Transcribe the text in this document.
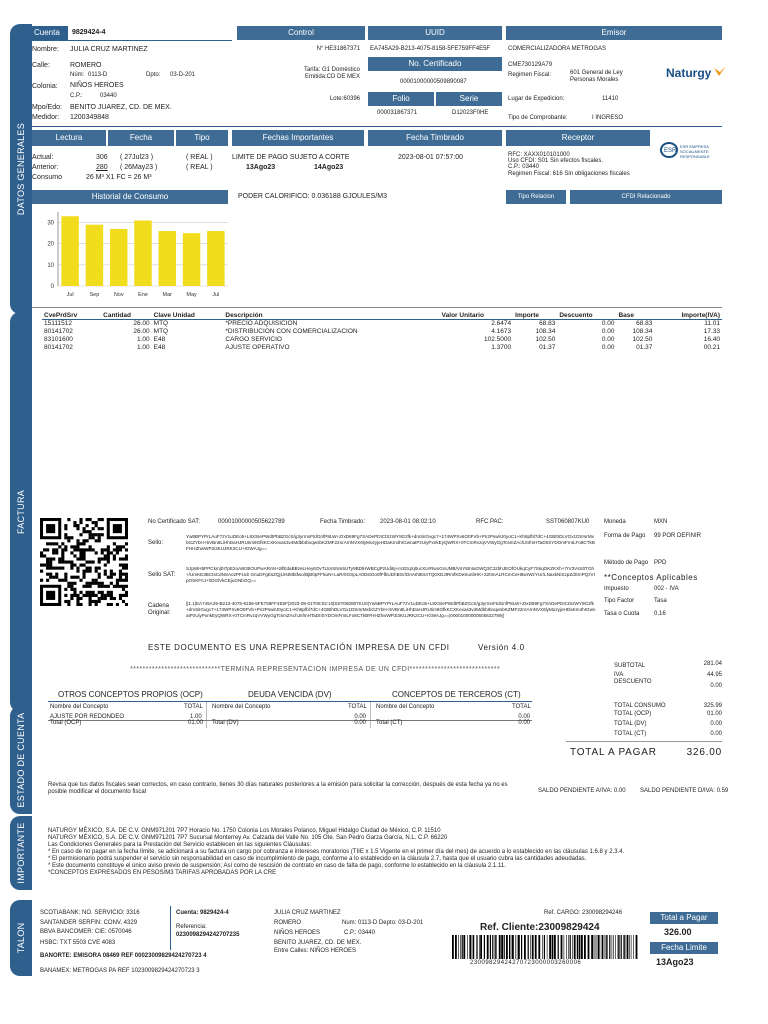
DATOS GENERALES
FACTURA
ESTADO DE CUENTA
IMPORTANTE
TALON
Cuenta	9829424-4	Control	UUID	Emisor
Nombre: JULIA CRUZ MARTINEZ
Calle:	ROMERO
Núm: 0113-D	Dpto: 03-D-201
Colonia: NIÑOS HEROES
C.P.:	03440
Mpo/Edo: BENITO JUAREZ, CD. DE MEX.
Medidor: 1200349848
N° HE31867371
Tarifa: G1 Doméstico
Emitida:CD DE MEX
Lote:60396
EA745A29-B213-4075-8158-5FE759FF4E5F
No. Certificado
00001000000509890087
Folio	Serie
000031867371	D12023F0HE
COMERCIALIZADORA METROGAS
CME730129A79
Regimen Fiscal:	601 General de Ley Personas Morales
Lugar de Expedicion:	11410
Tipo de Comprobante:	I INGRESO
Naturgy
Lectura	Fecha	Tipo	Fechas Importantes	Fecha Timbrado	Receptor
Actual:	306 ( 27Jul23 )	( REAL )
Anterior:	280 ( 26May23 )	( REAL )
Consumo	26 M³ X1 FC = 26 M³
LIMITE DE PAGO SUJETO A CORTE
13Ago23	14Ago23
2023-08-01 07:57:00	RFC: XAXX010101000
Uso CFDI: S01 Sin efectos fiscales.
C.P.: 03440
Regimen Fiscal: 616 Sin obligaciones fiscales
ESR
ESR EMPRESA SOCIALMENTE RESPONSABLE
Historial de Consumo	PODER CALORIFICO: 0.036188 GJOULES/M3	Tipo Relacion	CFDI Relacionado
0
10
20
30
Jul	Sep	Nov	Ene	Mar	May	Jul
CvePrdSrv	Cantidad	Clave Unidad	Descripción	Valor Unitario	Importe	Descuento	Base	Importe(IVA)
15111512	26.00	MTQ	*PRECIO ADQUISICION	2.6474	68.83	0.00	68.83	11.01
80141702	26.00	MTQ	*DISTRIBUCION CON COMERCIALIZACION	4.1673	108.34	0.00	108.34	17.33
83101600	1.00	E48	CARGO SERVICIO	102.5000	102.50	0.00	102.50	16.40
80141702	1.00	E48	AJUSTE OPERATIVO	1.3700	01.37	0.00	01.37	00.21
No Certificado SAT:	00001000000505622789	Fecha Timbrado: 2023-08-01 08:02:10	RFC PAC:	SST060807KU0
Sello:
Yw5BPYPrLAuF7zV1uDEo5+L8XSIePWdtPbBZGcS/g3yrmnFtdGnfP8LW+ZrxD69Fg7SADePDICtSzWY9Gzfk+dmSiIGvgc7+174WPXv6O0FVb+Pn2PswlrJ0yoC1+Kh8pfbl7dC+4GBIhDLVGx1DSrsrMxbGZYbH+5VBn8LiHhDaHJRUIim9GfkKCXKexas3v4MdbbIbnqwsbKZMF22nrArnNVX6lyMozyjeHDaKm4hIGwnaIPzUiyPxnkEyQWRX+0TCmRvzqVVWyGgTcsmZAchJnfmHTaDIISYDOmFmILFo8CTkBFHHZhwWP2i3KUJRK2CU+IGWAJg==
Sello SAT:
SJpWH5PPCkm|0I7pE2oAW35OUPwARnN+2ifEdaBBzeLHey6OvTL5nSNm5UTy9BDlHWBCgPzUdi6j+m3GqXj0ucXUrRwoGnUMB/VsY8tnIaGWQ3C3zbhJEOfOUkqCyF7SkqOKZKXh+7rV3VsS0TGh+/UmKE3BCtsCdNSAozPFUdr GnuDFgEsZQjUrstMbtfwo/BjB0pFF5uN+LaRr0GSpLA0DstGo0fFfbUDhBGr/DnAIhtEsnTQ0XDJtRmfKDeSunbHK+320mALRCmCeH8wrWzYUr/LNaxkNiSzpZdSmPQzVtpOSKFnJ+lIOGlVkCEjuGNbGQ==
Cadena Original:
||1.1|EA745A29-B213-4075-8158-5FE759FF4E5F|2023-08-01T08:02:10|SST060807KU0|Yw5BPYPrLAuF7zV1uDEo5+L8XSIePWdtPbBZGcS/g3yrmnFtdGnfP8LW+ZrxD69Fg7SADePDICtSzWY9Gzfk+dmSiIGvgc7+174WPXv6O0FVb+Pn2PswlrJ0yoC1+Kh8pfbl7dC+4GBIhDLVGx1DSrsrMxbGZYbH+5VBn8LiHhDaHJRUIim9GfkKCXKexas3v4MdbbIbnqwsbKZMF22nrArnNVX6lyMozyjeHDaKm4hIGwnaIPzUiyPxnkEyQWRX+0TCmRvzqVVWyGgTcsmZAchJnfmHTaDIISYDOmFmILFo8CTkBFHHZhwWP2i3KUJRK2CU+IGWAJg==|00001000000505622789||
Moneda	MXN
Forma de Pago 99 POR DEFINIR
Método de Pago PPD
**Conceptos Aplicables
Impuesto	002 - IVA
Tipo Factor	Tasa
Tasa o Cuota 0.16
ESTE DOCUMENTO ES UNA REPRESENTACIÓN IMPRESA DE UN CFDI	Versión 4.0
*****************************TERMINA REPRESENTACIÓN IMPRESA DE UN CFDI*****************************	SUBTOTAL	281.04
IVA	44.95
DESCUENTO
0.00
TOTAL CONSUMO	325.99
TOTAL (OCP)	01.00
TOTAL (DV)	0.00
TOTAL (CT)	0.00
TOTAL A PAGAR	326.00
OTROS CONCEPTOS PROPIOS (OCP)	DEUDA VENCIDA (DV)	CONCEPTOS DE TERCEROS (CT)
Nombre del Concepto	TOTAL Nombre del Concepto	TOTAL Nombre del Concepto	TOTAL
AJUSTE POR REDONDEO	1.00	0.00	0.00
Total (OCP)	01.00 Total (DV)	0.00 Total (CT)	0.00
Revisa que tus datos fiscales sean correctos, en caso contrario, tienes 30 días naturales posteriores a la emisión para solicitar la corrección, después de esta fecha ya no es posible modificar el documento fiscal	SALDO PENDIENTE A/IVA: 0.00 SALDO PENDIENTE D/IVA: 0.59
NATURGY MÉXICO, S.A. DE C.V. GNM971201 7P7 Horacio No. 1750 Colonia Los Morales Polanco, Miguel Hidalgo Ciudad de México, C.P. 11510
NATURGY MÉXICO, S.A. DE C.V. GNM971201 7P7 Sucursal Monterrey Av. Calzada del Valle No. 105 Ote. San Pedro Garza García, N.L. C.P. 66220
Las Condiciones Generales para la Prestación del Servicio establecen en las siguientes Cláusulas:
* En caso de no pagar en la fecha límite, se adicionará a su factura un cargo por cobranza e intereses moratorios (TIIE x 1.5 Vigente en el primer día del mes) de acuerdo a lo establecido en las cláusulas 1.6.8 y 2.3.4.
* El permisionario podrá suspender el servicio sin responsabilidad en caso de incumplimiento de pago, conforme a lo establecido en la cláusula 2.7, hasta que el usuario cubra las cantidades adeudadas.
* Este documento constituye el único aviso previo de suspensión; Así como de rescisión de contrato en caso de falta de pago, conforme lo establecido en la cláusula 2.1.11.
*CONCEPTOS EXPRESADOS EN PESOS/M3 TARIFAS APROBADAS POR LA CRE
SCOTIABANK: NO. SERVICIO: 3316
SANTANDER SERFIN: CONV. 4329
BBVA BANCOMER: CIE: 0570046
HSBC: TXT 5503 CVE 4083
BANORTE: EMISORA 08469 REF 00023009829424270723 4
BANAMEX: METROGAS PA REF 1023009829424270723 3
Cuenta: 9829424-4
Referencia:
0230098294242707235
JULIA CRUZ MARTINEZ
ROMERO	Num: 0113-D Depto: 03-D-201
NIÑOS HEROES	C.P.: 03440
BENITO JUAREZ, CD. DE MEX.
Entre Calles: NIÑOS HEROES
Ref. CARGO: 230098294246
Ref. Cliente:23009829424
23009829424270723000003260006
Total a Pagar
326.00
Fecha Limite
13Ago23
